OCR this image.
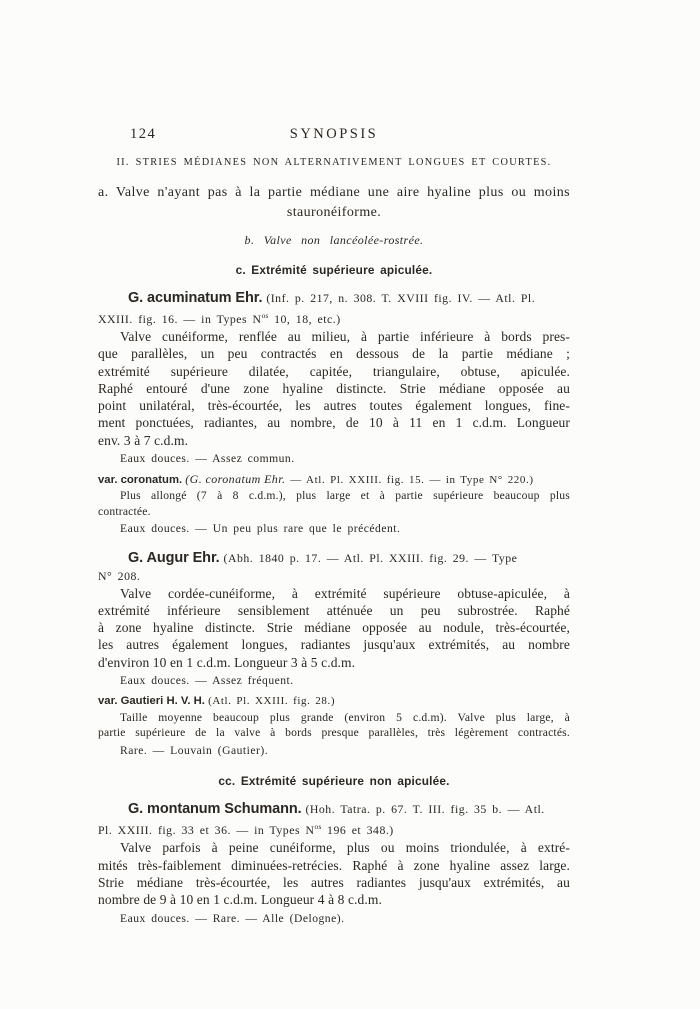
124	SYNOPSIS
II. STRIES MÉDIANES NON ALTERNATIVEMENT LONGUES ET COURTES.
a. Valve n'ayant pas à la partie médiane une aire hyaline plus ou moins
stauronéiforme.
b. Valve non lancéolée-rostrée.
c. Extrémité supérieure apiculée.
G. acuminatum Ehr. (Inf. p. 217, n. 308. T. XVIII fig. IV. — Atl. Pl.
XXIII. fig. 16. — in Types $N^{os}$ 10, 18, etc.)
Valve cunéiforme, renflée au milieu, à partie inférieure à bords pres-
que parallèles, un peu contractés en dessous de la partie médiane ;
extrémité supérieure dilatée, capitée, triangulaire, obtuse, apiculée.
Raphé entouré d'une zone hyaline distincte. Strie médiane opposée au
point unilatéral, très-écourtée, les autres toutes également longues, fine-
ment ponctuées, radiantes, au nombre, de 10 à 11 en 1 c.d.m. Longueur
env. 3 à 7 c.d.m.
Eaux douces. — Assez commun.
var. coronatum. (G. coronatum Ehr. — Atl. Pl. XXIII. fig. 15. — in Type N° 220.)
Plus allongé (7 à 8 c.d.m.), plus large et à partie supérieure beaucoup plus
contractée.
Eaux douces. — Un peu plus rare que le précédent.
G. Augur Ehr. (Abh. 1840 p. 17. — Atl. Pl. XXIII. fig. 29. — Type
N° 208.
Valve cordée-cunéiforme, à extrémité supérieure obtuse-apiculée, à
extrémité inférieure sensiblement atténuée un peu subrostrée. Raphé
à zone hyaline distincte. Strie médiane opposée au nodule, très-écourtée,
les autres également longues, radiantes jusqu'aux extrémités, au nombre
d'environ 10 en 1 c.d.m. Longueur 3 à 5 c.d.m.
Eaux douces. — Assez fréquent.
var. Gautieri H. V. H. (Atl. Pl. XXIII. fig. 28.)
Taille moyenne beaucoup plus grande (environ 5 c.d.m). Valve plus large, à
partie supérieure de la valve à bords presque parallèles, très légèrement contractés.
Rare. — Louvain (Gautier).
cc. Extrémité supérieure non apiculée.
G. montanum Schumann. (Hoh. Tatra. p. 67. T. III. fig. 35 b. — Atl.
Pl. XXIII. fig. 33 et 36. — in Types $N^{os}$ 196 et 348.)
Valve parfois à peine cunéiforme, plus ou moins triondulée, à extré-
mités très-faiblement diminuées-retrécies. Raphé à zone hyaline assez large.
Strie médiane très-écourtée, les autres radiantes jusqu'aux extrémités, au
nombre de 9 à 10 en 1 c.d.m. Longueur 4 à 8 c.d.m.
Eaux douces. — Rare. — Alle (Delogne).
